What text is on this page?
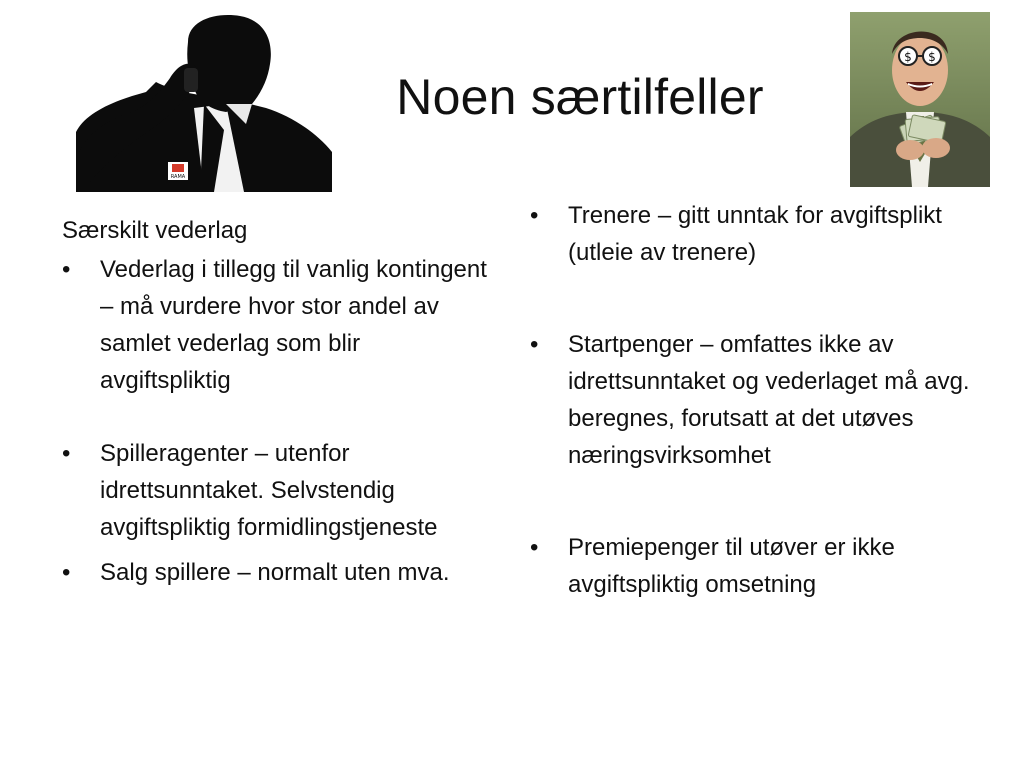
RAMA
Noen særtilfeller
$ $

Særskilt vederlag

• Vederlag i tillegg til vanlig kontingent – må vurdere hvor stor andel av samlet vederlag som blir avgiftspliktig
• Spilleragenter – utenfor idrettsunntaket. Selvstendig avgiftspliktig formidlingstjeneste
• Salg spillere – normalt uten mva.
• Trenere – gitt unntak for avgiftsplikt (utleie av trenere)
• Startpenger – omfattes ikke av idrettsunntaket og vederlaget må avg. beregnes, forutsatt at det utøves næringsvirksomhet
• Premiepenger til utøver er ikke avgiftspliktig omsetning
